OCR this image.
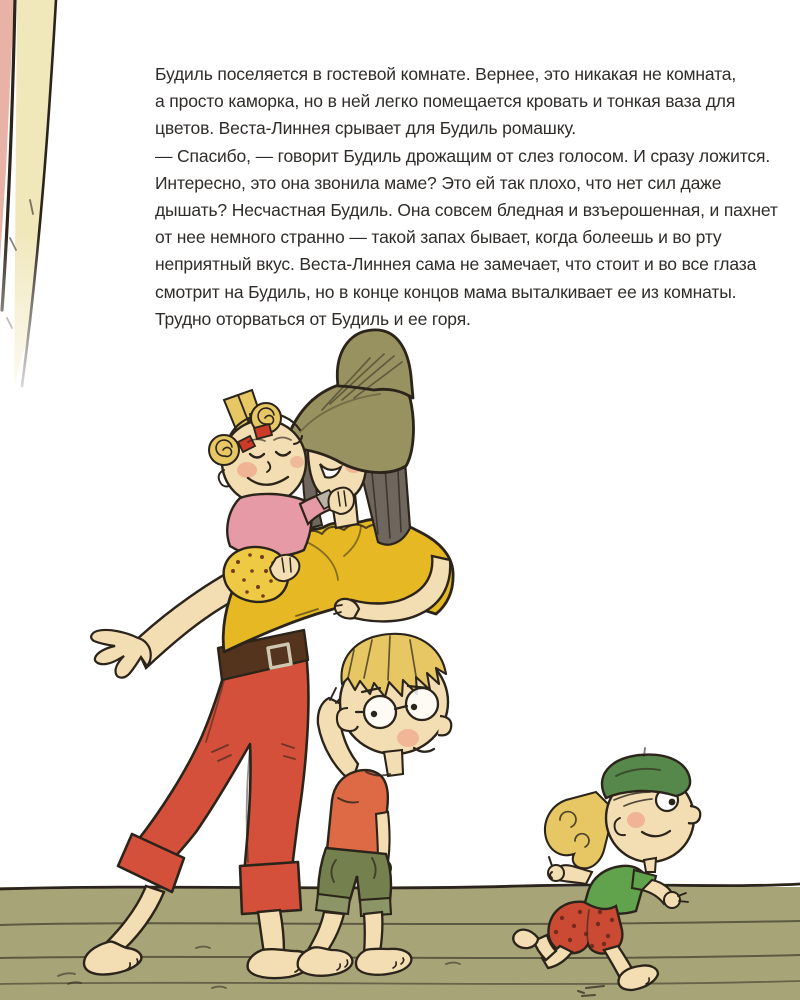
Будиль поселяется в гостевой комнате. Вернее, это никакая не комната,

а просто каморка, но в ней легко помещается кровать и тонкая ваза для

цветов. Веста-Линнея срывает для Будиль ромашку.

— Спасибо, — говорит Будиль дрожащим от слез голосом. И сразу ложится.

Интересно, это она звонила маме? Это ей так плохо, что нет сил даже

дышать? Несчастная Будиль. Она совсем бледная и взъерошенная, и пахнет

от нее немного странно — такой запах бывает, когда болеешь и во рту

неприятный вкус. Веста-Линнея сама не замечает, что стоит и во все глаза

смотрит на Будиль, но в конце концов мама выталкивает ее из комнаты.

Трудно оторваться от Будиль и ее горя.
